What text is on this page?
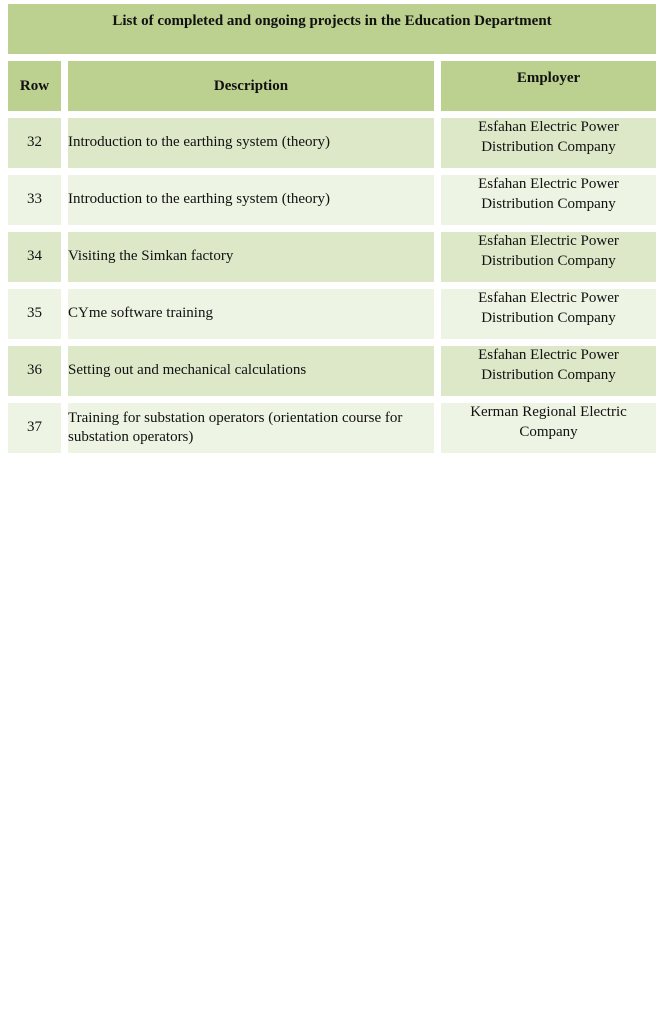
List of completed and ongoing projects in the Education Department
Row	Description	Employer
32	Introduction to the earthing system (theory)	Esfahan Electric Power Distribution Company
33	Introduction to the earthing system (theory)	Esfahan Electric Power Distribution Company
34	Visiting the Simkan factory	Esfahan Electric Power Distribution Company
35	CYme software training	Esfahan Electric Power Distribution Company
36	Setting out and mechanical calculations	Esfahan Electric Power Distribution Company
37	Training for substation operators (orientation course for substation operators)	Kerman Regional Electric Company
